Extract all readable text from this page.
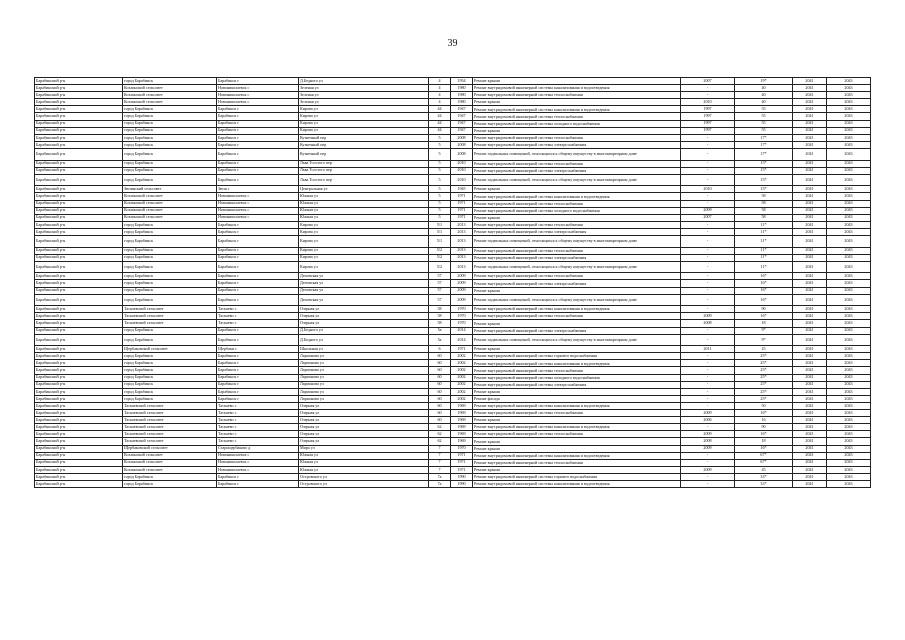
39
Барабинский р-н	город Барабинск	Барабинск г	Д.Бедного ул	4	1954	Ремонт крыши	2007	19*	2041	2043
Барабинский р-н	Козлинский сельсовет	Новониколаевск с	Зеленая ул	4	1980	Ремонт внутридомовой инженерной системы канализования и водоотведения	-	40	2041	2043
Барабинский р-н	Козлинский сельсовет	Новониколаевск с	Зеленая ул	4	1980	Ремонт внутридомовой инженерной системы теплоснабжения	-	40	2041	2043
Барабинский р-н	Козлинский сельсовет	Новониколаевск с	Зеленая ул	4	1980	Ремонт крыши	2010	40	2041	2043
Барабинский р-н	город Барабинск	Барабинск г	Кирова ул	44	1947	Ремонт внутридомовой инженерной системы канализования и водоотведения	1997	55	2041	2043
Барабинский р-н	город Барабинск	Барабинск г	Кирова ул	44	1947	Ремонт внутридомовой инженерной системы теплоснабжения	1997	55	2041	2043
Барабинский р-н	город Барабинск	Барабинск г	Кирова ул	44	1947	Ремонт внутридомовой инженерной системы холодного водоснабжения	1997	55	2041	2043
Барабинский р-н	город Барабинск	Барабинск г	Кирова ул	44	1947	Ремонт крыши	1997	55	2041	2043
Барабинский р-н	город Барабинск	Барабинск г	Кузнечный пер	5	2008	Ремонт внутридомовой инженерной системы теплоснабжения	-	17*	2041	2043
Барабинский р-н	город Барабинск	Барабинск г	Кузнечный пер	5	2008	Ремонт внутридомовой инженерной системы электроснабжения	-	17*	2041	2043
Барабинский р-н	город Барабинск	Барабинск г	Кузнечный пер	5	2008	Ремонт подвальных помещений, относящихся к общему имуществу в многоквартирном доме	-	17*	2041	2043
Барабинский р-н	город Барабинск	Барабинск г	Льва Толстого пер	5	2010	Ремонт внутридомовой инженерной системы теплоснабжения	-	15*	2041	2043
Барабинский р-н	город Барабинск	Барабинск г	Льва Толстого пер	5	2010	Ремонт внутридомовой инженерной системы электроснабжения	-	15*	2041	2043
Барабинский р-н	город Барабинск	Барабинск г	Льва Толстого пер	5	2010	Ремонт подвальных помещений, относящихся к общему имуществу в многоквартирном доме	-	15*	2041	2043
Барабинский р-н	Зюзинский сельсовет	Зюзя с	Центральная ул	5	1945	Ремонт крыши	2010	15*	2041	2043
Барабинский р-н	Козлинский сельсовет	Новониколаевск с	Южная ул	5	1971	Ремонт внутридомовой инженерной системы канализования и водоотведения	-	58	2041	2043
Барабинский р-н	Козлинский сельсовет	Новониколаевск с	Южная ул	5	1971	Ремонт внутридомовой инженерной системы теплоснабжения	-	58	2041	2043
Барабинский р-н	Козлинский сельсовет	Новониколаевск с	Южная ул	5	1971	Ремонт внутридомовой инженерной системы холодного водоснабжения	2009	58	2041	2043
Барабинский р-н	Козлинский сельсовет	Новониколаевск с	Южная ул	5	1971	Ремонт крыши	2007	58	2041	2043
Барабинский р-н	город Барабинск	Барабинск г	Кирова ул	5/1	2013	Ремонт внутридомовой инженерной системы теплоснабжения	-	11*	2041	2043
Барабинский р-н	город Барабинск	Барабинск г	Кирова ул	5/1	2013	Ремонт внутридомовой инженерной системы электроснабжения	-	11*	2041	2043
Барабинский р-н	город Барабинск	Барабинск г	Кирова ул	5/1	2013	Ремонт подвальных помещений, относящихся к общему имуществу в многоквартирном доме	-	11*	2041	2043
Барабинский р-н	город Барабинск	Барабинск г	Кирова ул	5/2	2013	Ремонт внутридомовой инженерной системы теплоснабжения	-	11*	2041	2043
Барабинский р-н	город Барабинск	Барабинск г	Кирова ул	5/2	2013	Ремонт внутридомовой инженерной системы электроснабжения	-	11*	2041	2043
Барабинский р-н	город Барабинск	Барабинск г	Кирова ул	5/2	2013	Ремонт подвальных помещений, относящихся к общему имуществу в многоквартирном доме	-	11*	2041	2043
Барабинский р-н	город Барабинск	Барабинск г	Деповская ул	57	2009	Ремонт внутридомовой инженерной системы теплоснабжения	-	16*	2041	2043
Барабинский р-н	город Барабинск	Барабинск г	Деповская ул	57	2009	Ремонт внутридомовой инженерной системы электроснабжения	-	16*	2041	2043
Барабинский р-н	город Барабинск	Барабинск г	Деповская ул	57	2009	Ремонт крыши	-	16*	2041	2043
Барабинский р-н	город Барабинск	Барабинск г	Деповская ул	57	2009	Ремонт подвальных помещений, относящихся к общему имуществу в многоквартирном доме	-	16*	2041	2043
Барабинский р-н	Таскаевский сельсовет	Таскаево с	Озерная ул	58	1970	Ремонт внутридомовой инженерной системы канализования и водоотведения	-	90	2041	2043
Барабинский р-н	Таскаевский сельсовет	Таскаево с	Озерная ул	58	1970	Ремонт внутридомовой инженерной системы теплоснабжения	2009	16*	2041	2043
Барабинский р-н	Таскаевский сельсовет	Таскаево с	Озерная ул	58	1970	Ремонт крыши	2008	18	2041	2043
Барабинский р-н	город Барабинск	Барабинск г	Д.Бедного ул	5а	2014	Ремонт внутридомовой инженерной системы электроснабжения	-	9*	2041	2043
Барабинский р-н	город Барабинск	Барабинск г	Д.Бедного ул	5а	2014	Ремонт подвальных помещений, относящихся к общему имуществу в многоквартирном доме	-	9*	2041	2043
Барабинский р-н	Щербаковский сельсовет	Щербаки с	Школьная ул	6	1971	Ремонт крыши	2011	25	2041	2043
Барабинский р-н	город Барабинск	Барабинск г	Ларионова ул	60	2002	Ремонт внутридомовой инженерной системы горячего водоснабжения	-	25*	2041	2043
Барабинский р-н	город Барабинск	Барабинск г	Ларионова ул	60	2002	Ремонт внутридомовой инженерной системы канализования и водоотведения	-	25*	2041	2043
Барабинский р-н	город Барабинск	Барабинск г	Ларионова ул	60	2002	Ремонт внутридомовой инженерной системы теплоснабжения	-	25*	2041	2043
Барабинский р-н	город Барабинск	Барабинск г	Ларионова ул	60	2002	Ремонт внутридомовой инженерной системы холодного водоснабжения	-	25*	2041	2043
Барабинский р-н	город Барабинск	Барабинск г	Ларионова ул	60	2002	Ремонт внутридомовой инженерной системы электроснабжения	-	25*	2041	2043
Барабинский р-н	город Барабинск	Барабинск г	Ларионова ул	60	2002	Ремонт крыши	-	25*	2041	2043
Барабинский р-н	город Барабинск	Барабинск г	Ларионова ул	60	2002	Ремонт фасада	-	25*	2041	2043
Барабинский р-н	Таскаевский сельсовет	Таскаево с	Озерная ул	60	1969	Ремонт внутридомовой инженерной системы канализования и водоотведения	-	50	2041	2043
Барабинский р-н	Таскаевский сельсовет	Таскаево с	Озерная ул	60	1969	Ремонт внутридомовой инженерной системы теплоснабжения	2009	16*	2041	2043
Барабинский р-н	Таскаевский сельсовет	Таскаево с	Озерная ул	60	1969	Ремонт крыши	2006	16	2041	2043
Барабинский р-н	Таскаевский сельсовет	Таскаево с	Озерная ул	62	1969	Ремонт внутридомовой инженерной системы канализования и водоотведения	-	90	2041	2043
Барабинский р-н	Таскаевский сельсовет	Таскаево с	Озерная ул	62	1969	Ремонт внутридомовой инженерной системы теплоснабжения	2009	16*	2041	2043
Барабинский р-н	Таскаевский сельсовет	Таскаево с	Озерная ул	62	1969	Ремонт крыши	2008	18	2041	2043
Барабинский р-н	Щербаковский сельсовет	Старощербаково д	Мира ул	7	1970	Ремонт крыши	2009	16*	2041	2043
Барабинский р-н	Козлинский сельсовет	Новониколаевск с	Южная ул	7	1971	Ремонт внутридомовой инженерной системы канализования и водоотведения	-	67*	2041	2043
Барабинский р-н	Козлинский сельсовет	Новониколаевск с	Южная ул	7	1971	Ремонт внутридомовой инженерной системы теплоснабжения	-	67*	2041	2043
Барабинский р-н	Козлинский сельсовет	Новониколаевск с	Южная ул	7	1971	Ремонт крыши	2009	45	2041	2043
Барабинский р-н	город Барабинск	Барабинск г	Островского ул	7а	1990	Ремонт внутридомовой инженерной системы горячего водоснабжения	-	33*	2041	2043
Барабинский р-н	город Барабинск	Барабинск г	Островского ул	7а	1990	Ремонт внутридомовой инженерной системы канализования и водоотведения	-	33*	2041	2043
